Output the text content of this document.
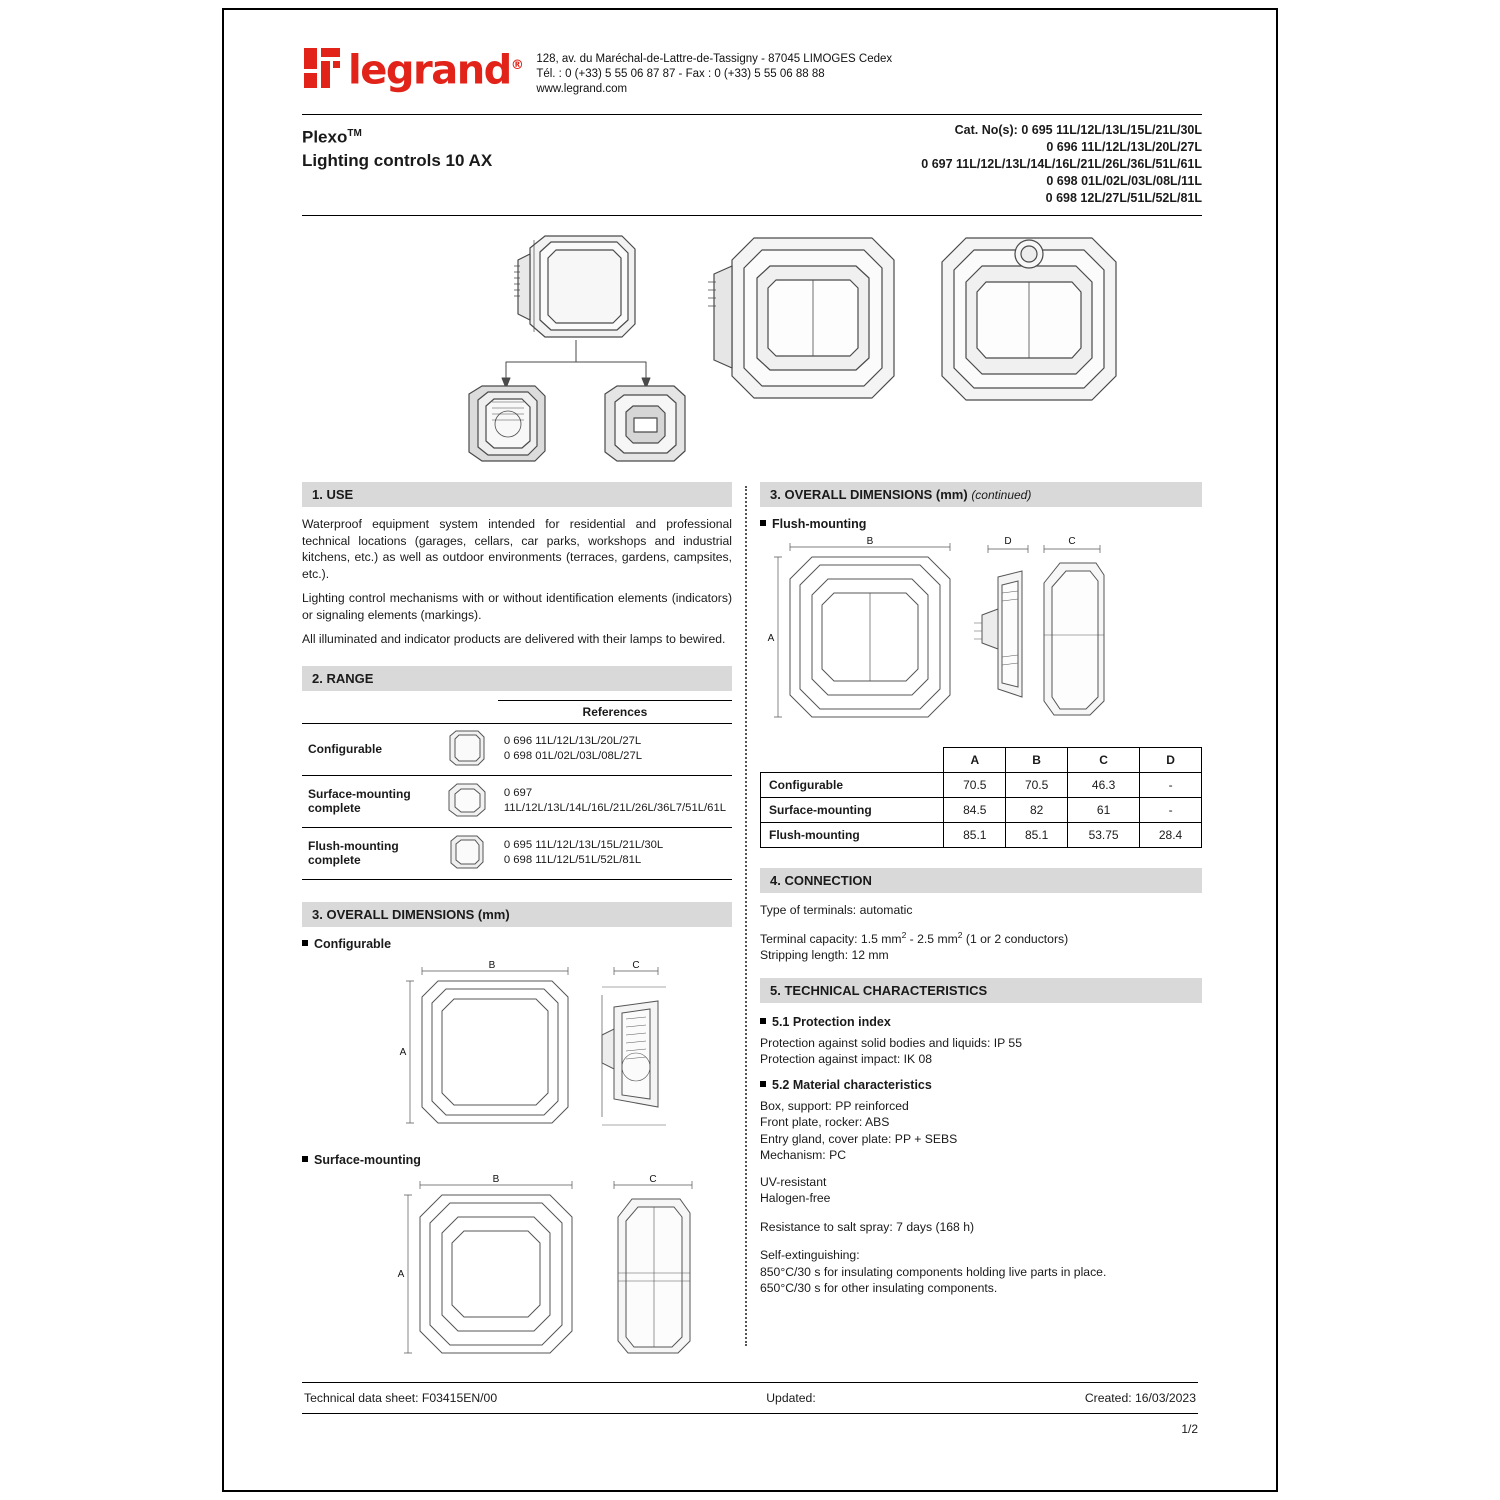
legrand® 128, av. du Maréchal-de-Lattre-de-Tassigny - 87045 LIMOGES Cedex
Tél. : 0 (+33) 5 55 06 87 87 - Fax : 0 (+33) 5 55 06 88 88
www.legrand.com
Plexo™
Lighting controls 10 AX
Cat. No(s): 0 695 11L/12L/13L/15L/21L/30L
0 696 11L/12L/13L/20L/27L
0 697 11L/12L/13L/14L/16L/21L/26L/36L/51L/61L
0 698 01L/02L/03L/08L/11L
0 698 12L/27L/51L/52L/81L
1. USE

Waterproof equipment system intended for residential and professional technical locations (garages, cellars, car parks, workshops and industrial kitchens, etc.) as well as outdoor environments (terraces, gardens, campsites, etc.).

Lighting control mechanisms with or without identification elements (indicators) or signaling elements (markings).

All illuminated and indicator products are delivered with their lamps to bewired.

2. RANGE
		References
Configurable		0 696 11L/12L/13L/20L/27L
0 698 01L/02L/03L/08L/27L

Surface-mounting complete		0 697 11L/12L/13L/14L/16L/21L/26L/36L7/51L/61L

Flush-mounting complete		0 695 11L/12L/13L/15L/21L/30L
0 698 11L/12L/51L/52L/81L
3. OVERALL DIMENSIONS (mm)
Configurable
B
A
C
Surface-mounting
B
A
C
3. OVERALL DIMENSIONS (mm) (continued)
Flush-mounting
B
A
D	C
	A	B	C	D
Configurable	70.5	70.5	46.3	-
Surface-mounting	84.5	82	61	-
Flush-mounting	85.1	85.1	53.75	28.4
4. CONNECTION
Type of terminals: automatic
Terminal capacity: 1.5 $mm^2 - 2.5$ $mm^2$ (1 or 2 conductors)
Stripping length: 12 mm
5. TECHNICAL CHARACTERISTICS
5.1 Protection index
Protection against solid bodies and liquids: IP 55
Protection against impact: IK 08
5.2 Material characteristics
Box, support: PP reinforced
Front plate, rocker: ABS
Entry gland, cover plate: PP + SEBS
Mechanism: PC
UV-resistant
Halogen-free
Resistance to salt spray: 7 days (168 h)
Self-extinguishing:
850°C/30 s for insulating components holding live parts in place.
650°C/30 s for other insulating components.
Technical data sheet: F03415EN/00	Updated:	Created: 16/03/2023
1/2
